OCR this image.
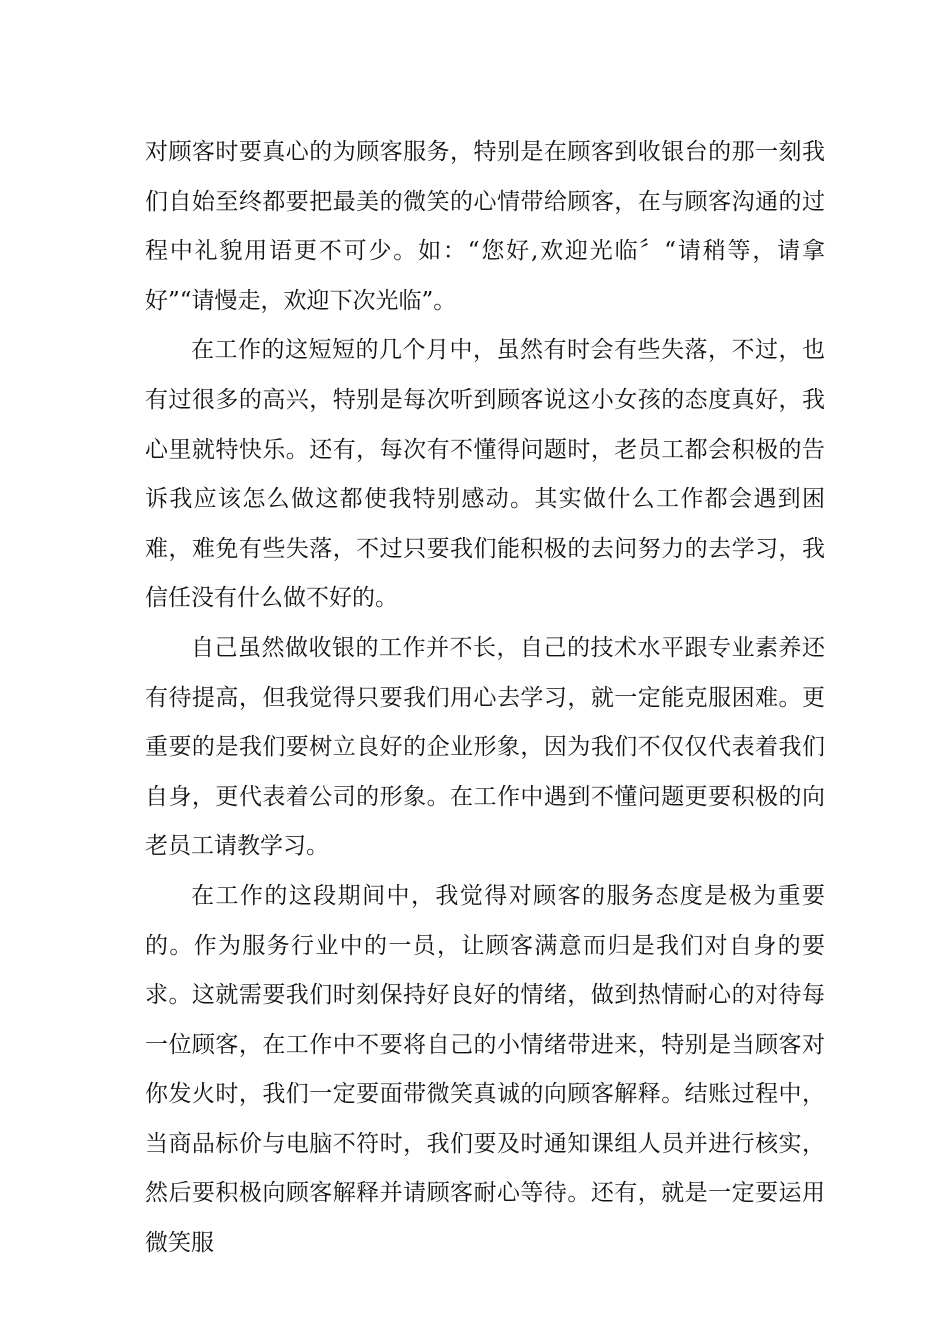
对顾客时要真心的为顾客服务，特别是在顾客到收银台的那一刻我们自始至终都要把最美的微笑的心情带给顾客，在与顾客沟通的过程中礼貌用语更不可少。如：“您好,欢迎光临〞“请稍等，请拿好”“请慢走，欢迎下次光临”。

在工作的这短短的几个月中，虽然有时会有些失落，不过，也有过很多的高兴，特别是每次听到顾客说这小女孩的态度真好，我心里就特快乐。还有，每次有不懂得问题时，老员工都会积极的告诉我应该怎么做这都使我特别感动。其实做什么工作都会遇到困难，难免有些失落，不过只要我们能积极的去问努力的去学习，我信任没有什么做不好的。

自己虽然做收银的工作并不长，自己的技术水平跟专业素养还有待提高，但我觉得只要我们用心去学习，就一定能克服困难。更重要的是我们要树立良好的企业形象，因为我们不仅仅代表着我们自身，更代表着公司的形象。在工作中遇到不懂问题更要积极的向老员工请教学习。

在工作的这段期间中，我觉得对顾客的服务态度是极为重要的。作为服务行业中的一员，让顾客满意而归是我们对自身的要求。这就需要我们时刻保持好良好的情绪，做到热情耐心的对待每一位顾客，在工作中不要将自己的小情绪带进来，特别是当顾客对你发火时，我们一定要面带微笑真诚的向顾客解释。结账过程中，当商品标价与电脑不符时，我们要及时通知课组人员并进行核实，然后要积极向顾客解释并请顾客耐心等待。还有，就是一定要运用微笑服
